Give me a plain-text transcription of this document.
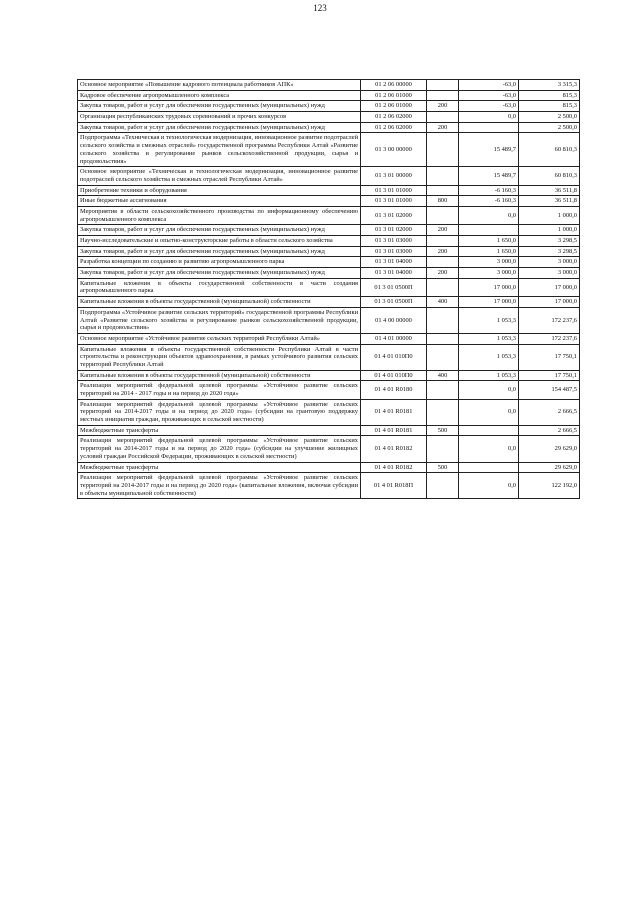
123
Основное мероприятие «Повышение кадрового потенциала работников АПК»	01 2 06 00000		-63,0	3 315,3
Кадровое обеспечение агропромышленного комплекса	01 2 06 01000		-63,0	815,3
Закупка товаров, работ и услуг для обеспечения государственных (муниципальных) нужд	01 2 06 01000	200	-63,0	815,3
Организация республиканских трудовых соревнований и прочих конкурсов	01 2 06 02000		0,0	2 500,0
Закупка товаров, работ и услуг для обеспечения государственных (муниципальных) нужд	01 2 06 02000	200		2 500,0
Подпрограмма «Техническая и технологическая модернизация, инновационное развитие подотраслей сельского хозяйства и смежных отраслей» государственной программы Республики Алтай «Развитие сельского хозяйства и регулирование рынков сельскохозяйственной продукции, сырья и продовольствия»	01 3 00 00000		15 489,7	60 810,3
Основное мероприятие «Техническая и технологическая модернизация, инновационное развитие подотраслей сельского хозяйства и смежных отраслей Республики Алтай»	01 3 01 00000		15 489,7	60 810,3
Приобретение техники и оборудования	01 3 01 01000		-6 160,3	36 511,8
Иные бюджетные ассигнования	01 3 01 01000	800	-6 160,3	36 511,8
Мероприятия в области сельскохозяйственного производства по информационному обеспечению агропромышленного комплекса	01 3 01 02000		0,0	1 000,0
Закупка товаров, работ и услуг для обеспечения государственных (муниципальных) нужд	01 3 01 02000	200		1 000,0
Научно-исследовательские и опытно-конструкторские работы в области сельского хозяйства	01 3 01 03000		1 650,0	3 298,5
Закупка товаров, работ и услуг для обеспечения государственных (муниципальных) нужд	01 3 01 03000	200	1 650,0	3 298,5
Разработка концепции по созданию и развитию агропромышленного парка	01 3 01 04000		3 000,0	3 000,0
Закупка товаров, работ и услуг для обеспечения государственных (муниципальных) нужд	01 3 01 04000	200	3 000,0	3 000,0
Капитальные вложения в объекты государственной собственности в части создания агропромышленного парка	01 3 01 0500П		17 000,0	17 000,0
Капитальные вложения в объекты государственной (муниципальной) собственности	01 3 01 0500П	400	17 000,0	17 000,0
Подпрограмма «Устойчивое развитие сельских территорий» государственной программы Республики Алтай «Развитие сельского хозяйства и регулирование рынков сельскохозяйственной продукции, сырья и продовольствия»	01 4 00 00000		1 053,3	172 237,6
Основное мероприятие «Устойчивое развитие сельских территорий Республики Алтай»	01 4 01 00000		1 053,3	172 237,6
Капитальные вложения в объекты государственной собственности Республики Алтай в части строительства и реконструкции объектов здравоохранения, в рамках устойчивого развития сельских территорий Республики Алтай	01 4 01 010П0		1 053,3	17 750,1
Капитальные вложения в объекты государственной (муниципальной) собственности	01 4 01 010П0	400	1 053,3	17 750,1
Реализация мероприятий федеральной целевой программы «Устойчивое развитие сельских территорий на 2014 - 2017 годы и на период до 2020 года»	01 4 01 R0180		0,0	154 487,5
Реализация мероприятий федеральной целевой программы «Устойчивое развитие сельских территорий на 2014-2017 годы и на период до 2020 года» (субсидии на грантовую поддержку местных инициатив граждан, проживающих в сельской местности)	01 4 01 R0181		0,0	2 666,5
Межбюджетные трансферты	01 4 01 R0181	500		2 666,5
Реализация мероприятий федеральной целевой программы «Устойчивое развитие сельских территорий на 2014-2017 годы и на период до 2020 года» (субсидии на улучшение жилищных условий граждан Российской Федерации, проживающих в сельской местности)	01 4 01 R0182		0,0	29 629,0
Межбюджетные трансферты	01 4 01 R0182	500		29 629,0
Реализация мероприятий федеральной целевой программы «Устойчивое развитие сельских территорий на 2014-2017 годы и на период до 2020 года» (капитальные вложения, включая субсидии в объекты муниципальной собственности)	01 4 01 R018П		0,0	122 192,0
